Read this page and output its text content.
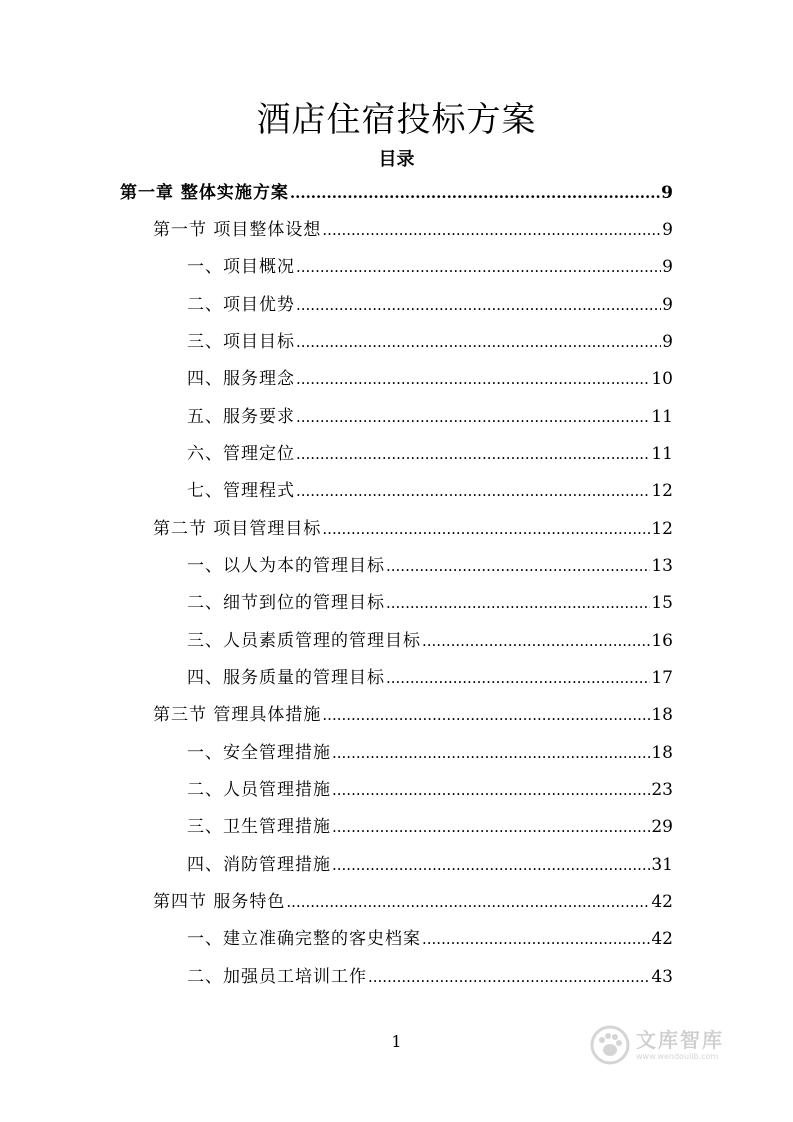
酒店住宿投标方案
目录
第一章 整体实施方案 .....	9
第一节 项目整体设想 .....	9
一、项目概况 .....	9
二、项目优势 .....	9
三、项目目标 .....	9
四、服务理念 .....	10
五、服务要求 .....	11
六、管理定位 .....	11
七、管理程式 .....	12
第二节 项目管理目标 .....	12
一、以人为本的管理目标 .....	13
二、细节到位的管理目标 .....	15
三、人员素质管理的管理目标 .....	16
四、服务质量的管理目标 .....	17
第三节 管理具体措施 .....	18
一、安全管理措施 .....	18
二、人员管理措施 .....	23
三、卫生管理措施 .....	29
四、消防管理措施 .....	31
第四节 服务特色 .....	42
一、建立准确完整的客史档案 .....	42
二、加强员工培训工作 .....	43
1	文库智库
www.wendoulib.com
